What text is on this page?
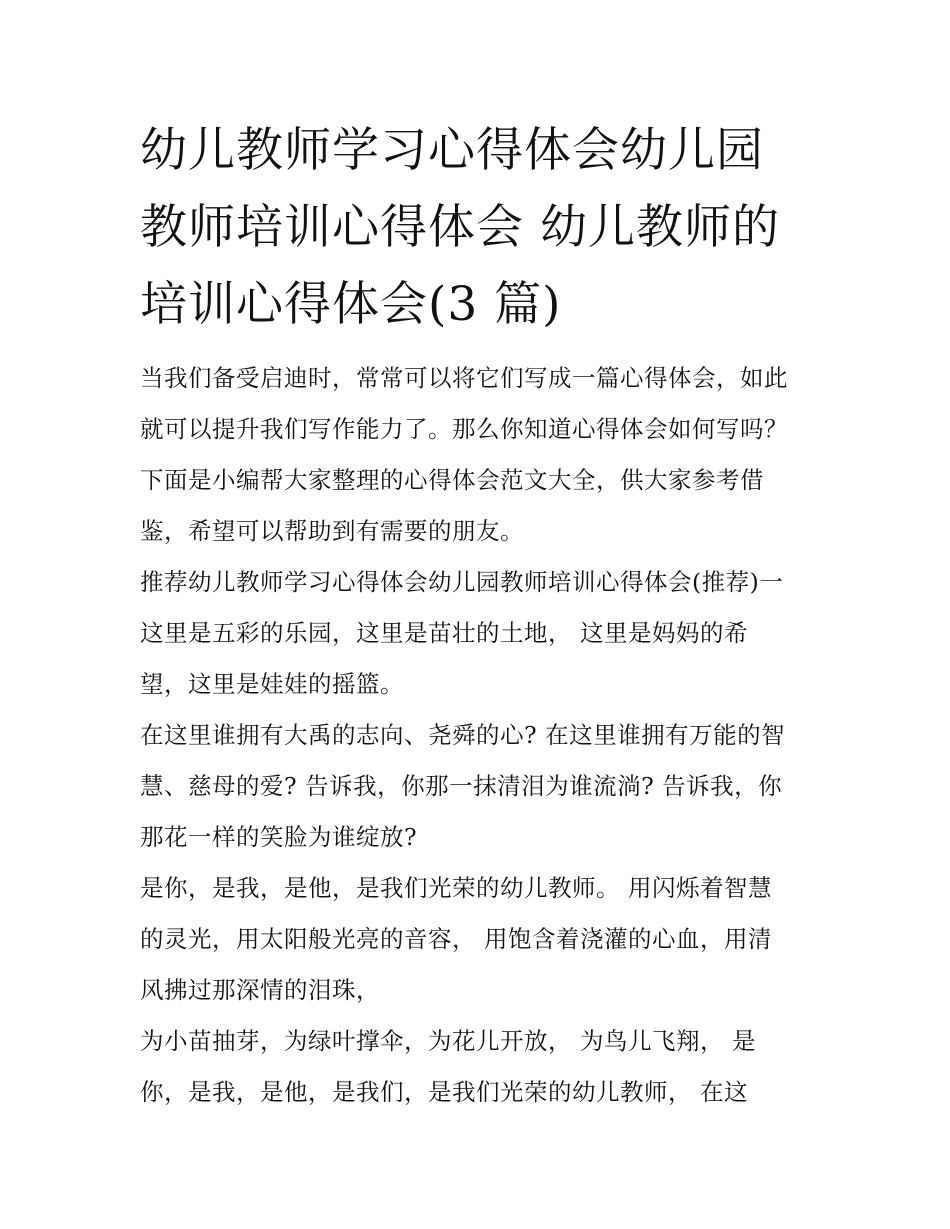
幼儿教师学习心得体会幼儿园
教师培训心得体会 幼儿教师的
培训心得体会(3 篇)

当我们备受启迪时，常常可以将它们写成一篇心得体会，如此
就可以提升我们写作能力了。那么你知道心得体会如何写吗？
下面是小编帮大家整理的心得体会范文大全，供大家参考借
鉴，希望可以帮助到有需要的朋友。

推荐幼儿教师学习心得体会幼儿园教师培训心得体会(推荐)一
这里是五彩的乐园，这里是苗壮的土地， 这里是妈妈的希
望，这里是娃娃的摇篮。

在这里谁拥有大禹的志向、尧舜的心? 在这里谁拥有万能的智
慧、慈母的爱? 告诉我，你那一抹清泪为谁流淌? 告诉我，你
那花一样的笑脸为谁绽放?

是你，是我，是他，是我们光荣的幼儿教师。 用闪烁着智慧
的灵光，用太阳般光亮的音容， 用饱含着浇灌的心血，用清
风拂过那深情的泪珠，

为小苗抽芽，为绿叶撑伞，为花儿开放， 为鸟儿飞翔， 是
你，是我，是他，是我们，是我们光荣的幼儿教师， 在这
